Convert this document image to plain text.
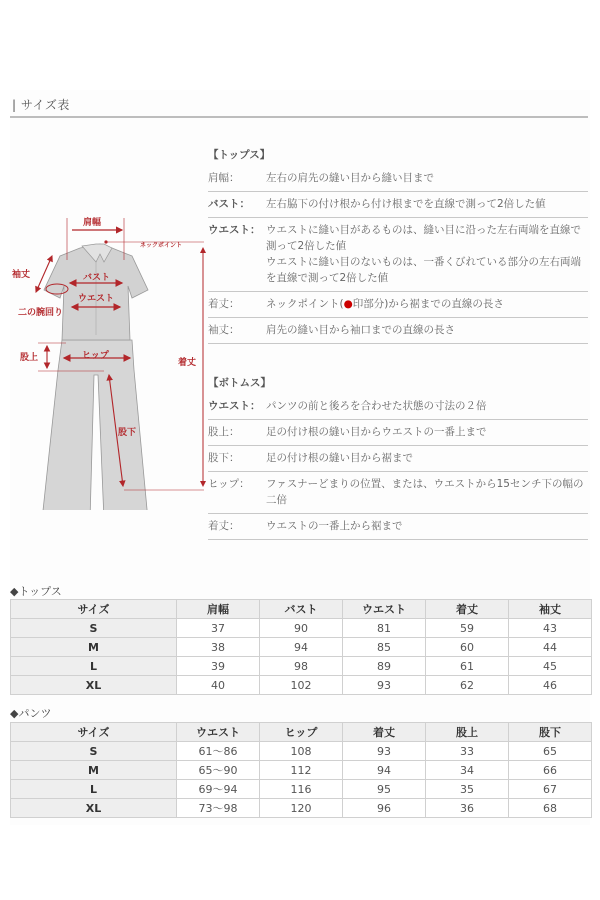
| サイズ表
肩幅
ネックポイント
袖丈	バスト
ウエスト
二の腕回り
股上	ヒップ
着丈
股下
【トップス】
肩幅：	左右の肩先の縫い目から縫い目まで
バスト：	左右脇下の付け根から付け根までを直線で測って2倍した値
ウエスト： ウエストに縫い目があるものは、縫い目に沿った左右両端を直線で測って2倍した値
ウエストに縫い目のないものは、一番くびれている部分の左右両端を直線で測って2倍した値
着丈：	ネックポイント(●印部分)から裾までの直線の長さ
袖丈：	肩先の縫い目から袖口までの直線の長さ
【ボトムス】
ウエスト： パンツの前と後ろを合わせた状態の寸法の２倍
股上：	足の付け根の縫い目からウエストの一番上まで
股下：	足の付け根の縫い目から裾まで
ヒップ：	ファスナーどまりの位置、または、ウエストから15センチ下の幅の二倍
着丈：	ウエストの一番上から裾まで
◆トップス
サイズ	肩幅	バスト	ウエスト	着丈	袖丈
S	37	90	81	59	43
M	38	94	85	60	44
L	39	98	89	61	45
XL	40	102	93	62	46
◆パンツ
サイズ	ウエスト	ヒップ	着丈	股上	股下
S	61～86	108	93	33	65
M	65～90	112	94	34	66
L	69～94	116	95	35	67
XL	73～98	120	96	36	68
